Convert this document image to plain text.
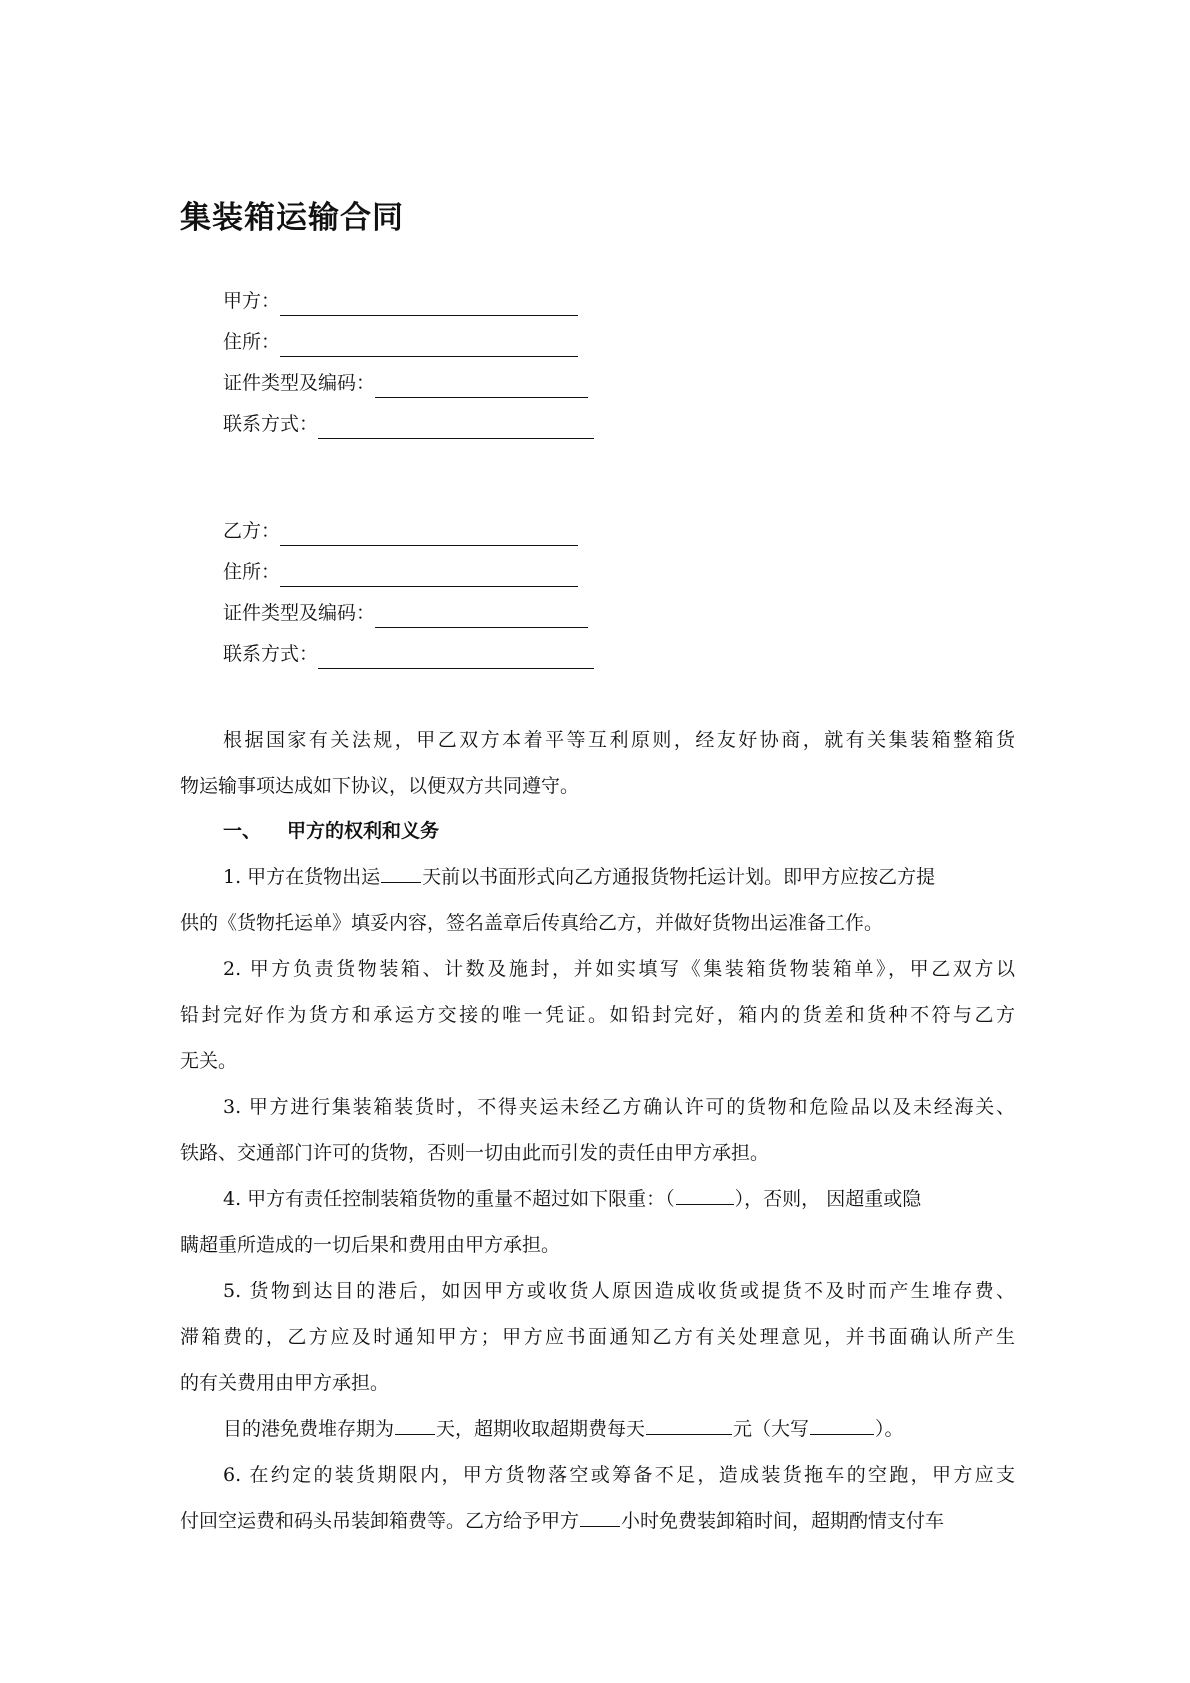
集装箱运输合同
甲方：
住所：
证件类型及编码：
联系方式：
乙方：
住所：
证件类型及编码：
联系方式：
根据国家有关法规，甲乙双方本着平等互利原则，经友好协商，就有关集装箱整箱货
物运输事项达成如下协议，以便双方共同遵守。
一、 甲方的权利和义务
1. 甲方在货物出运 天前以书面形式向乙方通报货物托运计划。即甲方应按乙方提
供的《货物托运单》填妥内容，签名盖章后传真给乙方，并做好货物出运准备工作。
2. 甲方负责货物装箱、计数及施封，并如实填写《集装箱货物装箱单》，甲乙双方以
铅封完好作为货方和承运方交接的唯一凭证。如铅封完好，箱内的货差和货种不符与乙方
无关。
3. 甲方进行集装箱装货时，不得夹运未经乙方确认许可的货物和危险品以及未经海关、
铁路、交通部门许可的货物，否则一切由此而引发的责任由甲方承担。
4. 甲方有责任控制装箱货物的重量不超过如下限重：（	），否则， 因超重或隐
瞒超重所造成的一切后果和费用由甲方承担。
5. 货物到达目的港后，如因甲方或收货人原因造成收货或提货不及时而产生堆存费、
滞箱费的，乙方应及时通知甲方；甲方应书面通知乙方有关处理意见，并书面确认所产生
的有关费用由甲方承担。
目的港免费堆存期为 天，超期收取超期费每天	元（大写	）。
6. 在约定的装货期限内，甲方货物落空或筹备不足，造成装货拖车的空跑，甲方应支
付回空运费和码头吊装卸箱费等。乙方给予甲方 小时免费装卸箱时间，超期酌情支付车
